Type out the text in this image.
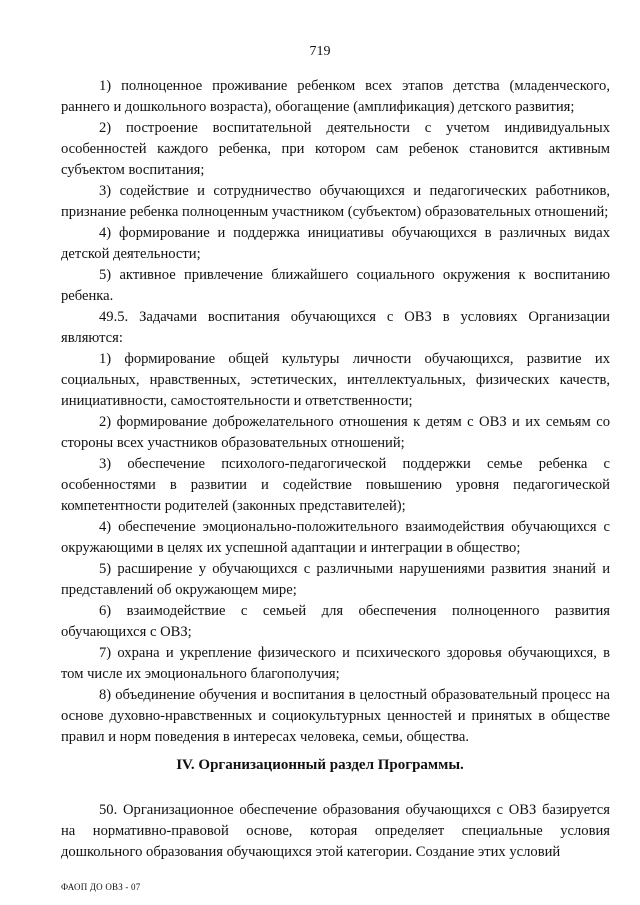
719

1) полноценное проживание ребенком всех этапов детства (младенческого, раннего и дошкольного возраста), обогащение (амплификация) детского развития;

2) построение воспитательной деятельности с учетом индивидуальных особенностей каждого ребенка, при котором сам ребенок становится активным субъектом воспитания;

3) содействие и сотрудничество обучающихся и педагогических работников, признание ребенка полноценным участником (субъектом) образовательных отношений;

4) формирование и поддержка инициативы обучающихся в различных видах детской деятельности;

5) активное привлечение ближайшего социального окружения к воспитанию ребенка.

49.5. Задачами воспитания обучающихся с ОВЗ в условиях Организации являются:

1) формирование общей культуры личности обучающихся, развитие их социальных, нравственных, эстетических, интеллектуальных, физических качеств, инициативности, самостоятельности и ответственности;

2) формирование доброжелательного отношения к детям с ОВЗ и их семьям со стороны всех участников образовательных отношений;

3) обеспечение психолого-педагогической поддержки семье ребенка с особенностями в развитии и содействие повышению уровня педагогической компетентности родителей (законных представителей);

4) обеспечение эмоционально-положительного взаимодействия обучающихся с окружающими в целях их успешной адаптации и интеграции в общество;

5) расширение у обучающихся с различными нарушениями развития знаний и представлений об окружающем мире;

6) взаимодействие с семьей для обеспечения полноценного развития обучающихся с ОВЗ;

7) охрана и укрепление физического и психического здоровья обучающихся, в том числе их эмоционального благополучия;

8) объединение обучения и воспитания в целостный образовательный процесс на основе духовно-нравственных и социокультурных ценностей и принятых в обществе правил и норм поведения в интересах человека, семьи, общества.

IV. Организационный раздел Программы.

50. Организационное обеспечение образования обучающихся с ОВЗ базируется на нормативно-правовой основе, которая определяет специальные условия дошкольного образования обучающихся этой категории. Создание этих условий

ФАОП ДО ОВЗ - 07
